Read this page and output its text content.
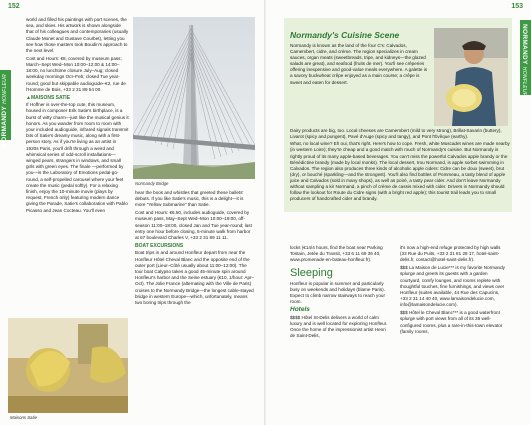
152
NORMANDY HONFLEUR

world and filled his paintings with port scenes, the sea, and skies. His artwork is shown alongside that of his colleagues and contemporaries (usually Claude Monet and Gustave Courbet), letting you see how those masters took Boudin's approach to the next level.

Cost and Hours: €8, covered by museum pass; March–Sept Wed–Mon 10:00–12:00 & 14:00–18:00, no lunchtime closure July–Aug; closed weekday mornings Oct–Feb; closed Tue year-round; good but skippable audioguide–€2, rue de l'Homme de Bois, +33 2 31 89 54 00.

▲MAISONS SATIE

If Hoffner is over-the-top cute, this museum, housed in composer Erik Satie's birthplace, is a burst of witty charm—just like the musical genius it honors. As you wander from room to room with your included audioguide, infrared signals transmit bits of Satie's dreamy music, along with a first-person story. As if you're living as an artist in 1920s Paris, you'll drift through a weird and whimsical series of odd-scroll installations—winged pears, strangers in windows, and small girls with green eyes. The finale —performed by you—is the Laboratory of Emotions pedal-go-round, a self-propelled carousel where your feet create the music (pedal softly). For a relaxing finish, enjoy the 10-minute movie (plays by request, French only) featuring modern dance giving the Parade, Satie's collaboration with Pablo Picasso and Jean Cocteau. You'll even

Normandy Bridge

hear the boos and whistles that greeted these ballets' debuts. If you like Satie's music, this is a delight—it is more "Yellow Submarine" than Satie.

Cost and Hours: €6.50, includes audioguide, covered by museum pass, May–Sept Wed–Mon 10:00–19:00, off-season 11:00–18:00, closed Jan and Tue year-round; last entry one hour before closing, 5-minute walk from harbor at 67 boulevard Charles V, +33 2 31 89 11 11.

BOAT EXCURSIONS

Boat trips in and around Honfleur depart from near the Honfleur Hôtel Cheval Blanc and the opposite end of the outer port (Lieur–Côté usually about 11:00–12:00). The tour boat Calypso takes a good 45-minute spin around Honfleur's harbor and the Seine estuary (€10, 1/hour: Apr–Oct). The Jolie France (alternating with the Ville de Paris) cruises to the Normandy Bridge—the longest cable-stayed bridge in western Europe—which, unfortunately, means two boring trips through the

Maisons Satie
153
NORMANDY HONFLEUR
Normandy's Cuisine Scene

Normandy is known as the land of the four C's: Calvados, Camembert, cidre, and crème. The region specializes in cream sauces, organ meats (sweetbreads, tripe, and kidneys—the glazed salads are great), and seafood (fruits de mer). You'll see crêperies offering inexpensive and good-value meals everywhere. A galette is a savory buckwheat crêpe enjoyed as a main course; a crêpe is sweet and eaten for dessert.

Dairy products are big, too. Local cheeses are Camembert (mild to very strong), Brillat-Savarin (buttery), Livarot (spicy and pungent), Pavé d'Auge (spicy and tangy), and Pont l'Évêque (earthy).

What, no local wine? Eh oui, that's right. Here's how to cope. Fresh, white Muscadet wines are made nearby (in western Loire); they're cheap and a good match with much of Normandy's cuisine. But Normandy is rightly proud of its many apple-based beverages. You can't miss the powerful Calvados apple brandy or the Bénédictine brandy (made by local monks). The local dessert, trou Normand, is apple sorbet swimming in Calvados. The region also produces three kinds of alcoholic apple ciders: Cidre can be doux (sweet), brut (dry), or bouché (sparkling—and the strongest). You'll also find bottles of Pommeau, a tasty blend of apple juice and Calvados (sold in many shops), as well as poiré, a tasty pear cider. And don't leave Normandy without sampling a kir Normand, a pinch of crème de cassis mixed with cider. Drivers in Normandy should follow the lookout for Route du Cidre signs (with a bright red apple); this tourist trail leads you to small producers of handcrafted cider and brandy.

locks (€14/4 hours, find the boat near Parking Tostain, Jetée du Transit, +33 6 11 69 36 40, www.promenade-en-bateau-honfleur.fr).

Sleeping

Honfleur is popular in summer and particularly busy on weekends and holidays (blame Paris). Expect to climb narrow stairways to reach your room.

Hotels

$$$$ Hôtel St-Delis delivers a world of calm luxury and is well located for exploring Honfleur. Once the home of the impressionist artist Henri de Saint-Delis,

it's now a high-end refuge protected by high walls (33 Rue du Puits, +33 2 31 81 28 17, hotel-saint-delis.fr, contact@hotel-saint-delis.fr).

$$$ La Maison de Lucie*** is my favorite Normandy splurge and greets its guests with a garden courtyard, comfy lounges, and rooms replete with thoughtful touches, fine furnishings, and views over Honfleur (suites available, 44 Rue des Capucins, +33 2 31 14 40 40, www.lamaisondelucie.com, info@lamaisondelucie.com).

$$$ Hôtel le Cheval Blanc*** is a good waterfront splurge with port views from all of its 35 well-configured rooms, plus a rare-in-this-town elevator (family rooms,
